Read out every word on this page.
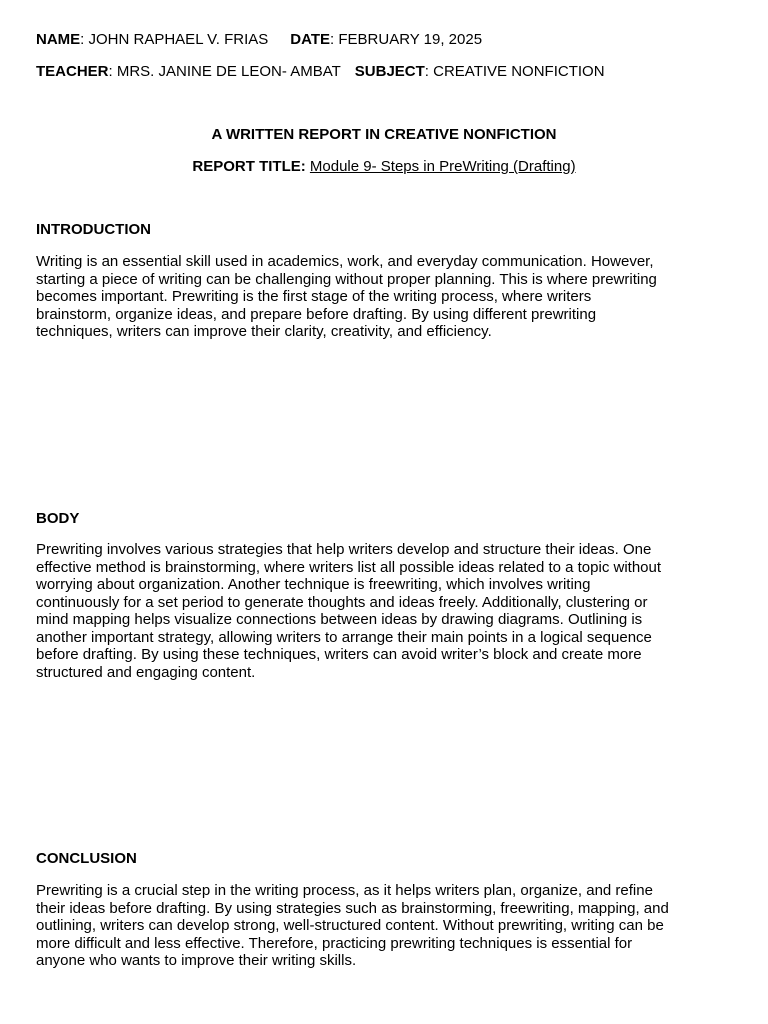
NAME: JOHN RAPHAEL V. FRIAS DATE: FEBRUARY 19, 2025
TEACHER: MRS. JANINE DE LEON- AMBAT SUBJECT: CREATIVE NONFICTION
A WRITTEN REPORT IN CREATIVE NONFICTION
REPORT TITLE: Module 9- Steps in PreWriting (Drafting)
INTRODUCTION

Writing is an essential skill used in academics, work, and everyday communication. However,
starting a piece of writing can be challenging without proper planning. This is where prewriting
becomes important. Prewriting is the first stage of the writing process, where writers
brainstorm, organize ideas, and prepare before drafting. By using different prewriting
techniques, writers can improve their clarity, creativity, and efficiency.

BODY

Prewriting involves various strategies that help writers develop and structure their ideas. One
effective method is brainstorming, where writers list all possible ideas related to a topic without
worrying about organization. Another technique is freewriting, which involves writing
continuously for a set period to generate thoughts and ideas freely. Additionally, clustering or
mind mapping helps visualize connections between ideas by drawing diagrams. Outlining is
another important strategy, allowing writers to arrange their main points in a logical sequence
before drafting. By using these techniques, writers can avoid writer’s block and create more
structured and engaging content.

CONCLUSION

Prewriting is a crucial step in the writing process, as it helps writers plan, organize, and refine
their ideas before drafting. By using strategies such as brainstorming, freewriting, mapping, and
outlining, writers can develop strong, well-structured content. Without prewriting, writing can be
more difficult and less effective. Therefore, practicing prewriting techniques is essential for
anyone who wants to improve their writing skills.
